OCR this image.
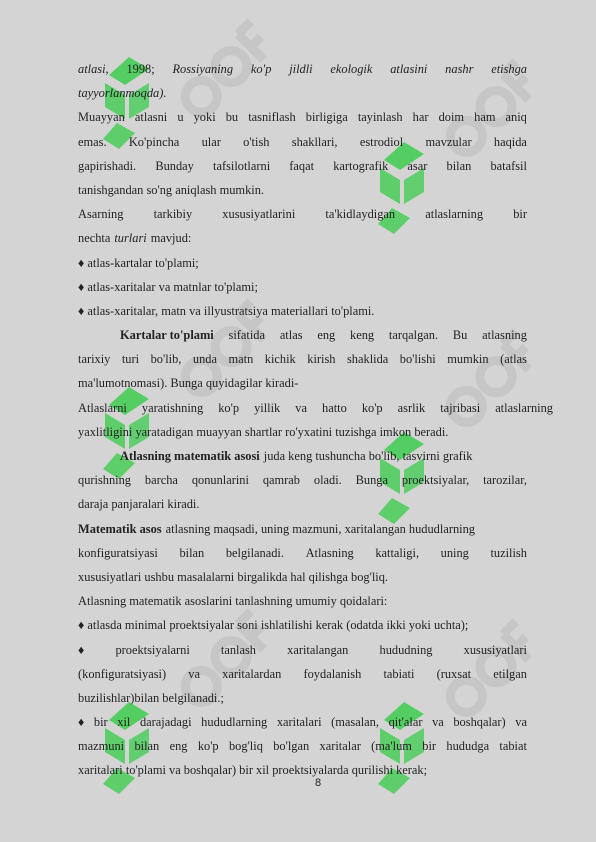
atlasi, 1998; Rossiyaning ko'p jildli ekologik atlasini nashr etishga
tayyorlanmoqda).
Muayyan atlasni u yoki bu tasniflash birligiga tayinlash har doim ham aniq
emas. Ko'pincha ular o'tish shakllari, estrodiol mavzular haqida
gapirishadi. Bunday tafsilotlarni faqat kartografik asar bilan batafsil
tanishgandan so'ng aniqlash mumkin.
Asarning tarkibiy xususiyatlarini ta'kidlaydigan atlaslarning bir
nechta turlari mavjud:
♦ atlas-kartalar to'plami;
♦ atlas-xaritalar va matnlar to'plami;
♦ atlas-xaritalar, matn va illyustratsiya materiallari to'plami.
Kartalar to'plami sifatida atlas eng keng tarqalgan. Bu atlasning
tarixiy turi bo'lib, unda matn kichik kirish shaklida bo'lishi mumkin (atlas
ma'lumotnomasi). Bunga quyidagilar kiradi-
Atlaslarni yaratishning ko'p yillik va hatto ko'p asrlik tajribasi atlaslarning
yaxlitligini yaratadigan muayyan shartlar ro'yxatini tuzishga imkon beradi.
Atlasning matematik asosi juda keng tushuncha bo'lib, tasvirni grafik
qurishning barcha qonunlarini qamrab oladi. Bunga proektsiyalar, tarozilar,
daraja panjaralari kiradi.
Matematik asos atlasning maqsadi, uning mazmuni, xaritalangan hududlarning
konfiguratsiyasi bilan belgilanadi. Atlasning kattaligi, uning tuzilish
xususiyatlari ushbu masalalarni birgalikda hal qilishga bog'liq.
Atlasning matematik asoslarini tanlashning umumiy qoidalari:
♦ atlasda minimal proektsiyalar soni ishlatilishi kerak (odatda ikki yoki uchta);
♦	proektsiyalarni	tanlash	xaritalangan	hududning	xususiyatlari
(konfiguratsiyasi) va xaritalardan foydalanish tabiati (ruxsat etilgan
buzilishlar)bilan belgilanadi.;
♦ bir xil darajadagi hududlarning xaritalari (masalan, qit'alar va boshqalar) va
mazmuni bilan eng ko'p bog'liq bo'lgan xaritalar (ma'lum bir hududga tabiat
xaritalari to'plami va boshqalar) bir xil proektsiyalarda qurilishi kerak;
8
